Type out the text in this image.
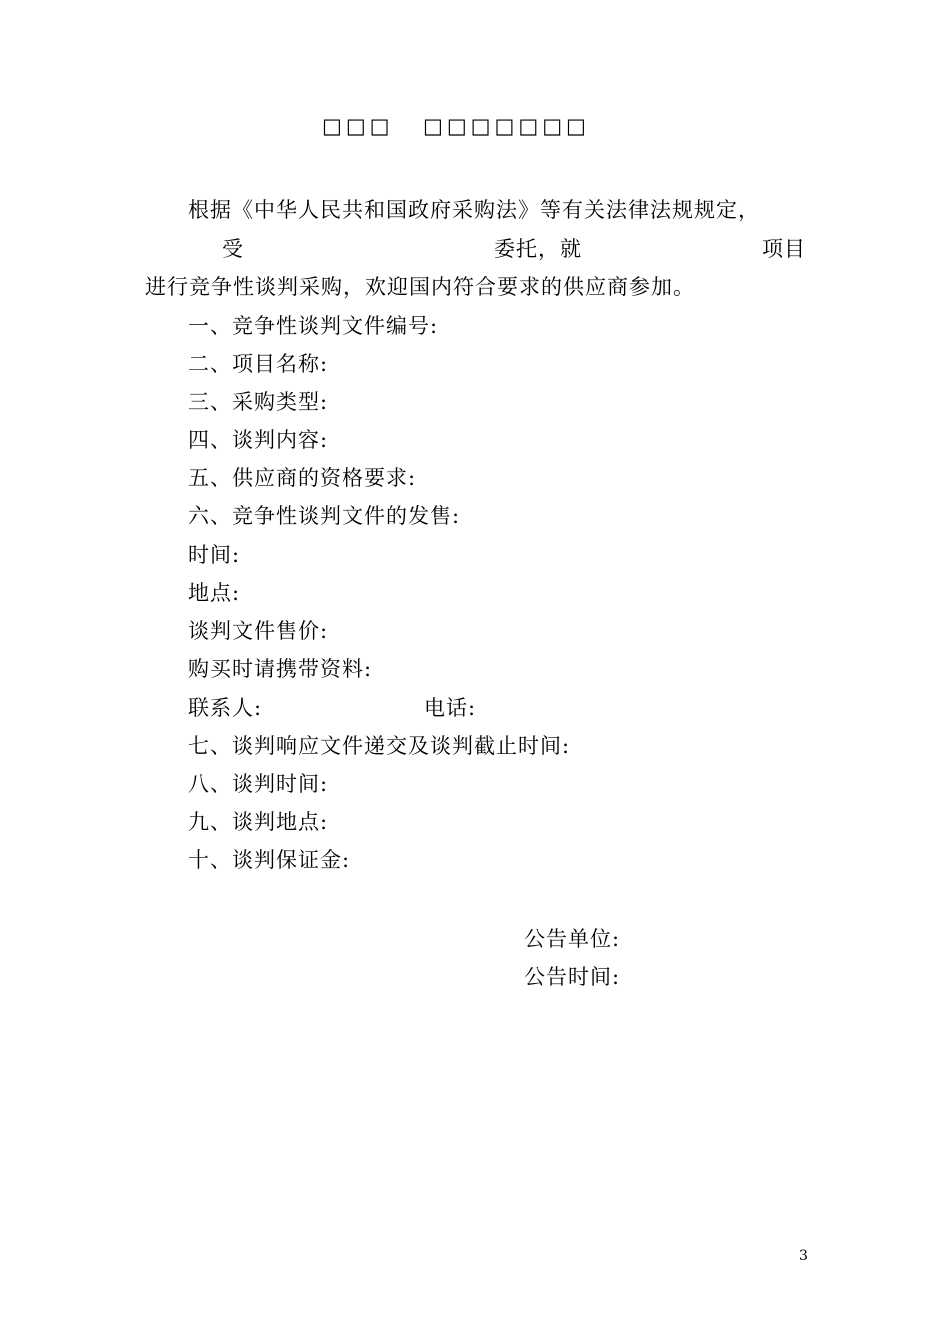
□□□ □□□□□□□
根据《中华人民共和国政府采购法》等有关法律法规规定，
受	委托，就	项目
进行竞争性谈判采购，欢迎国内符合要求的供应商参加。
一、竞争性谈判文件编号:
二、项目名称:
三、采购类型:
四、谈判内容:
五、供应商的资格要求:
六、竞争性谈判文件的发售:
时间:
地点:
谈判文件售价:
购买时请携带资料:
联系人:	电话:
七、谈判响应文件递交及谈判截止时间:
八、谈判时间:
九、谈判地点:
十、谈判保证金:
公告单位:
公告时间:
3
